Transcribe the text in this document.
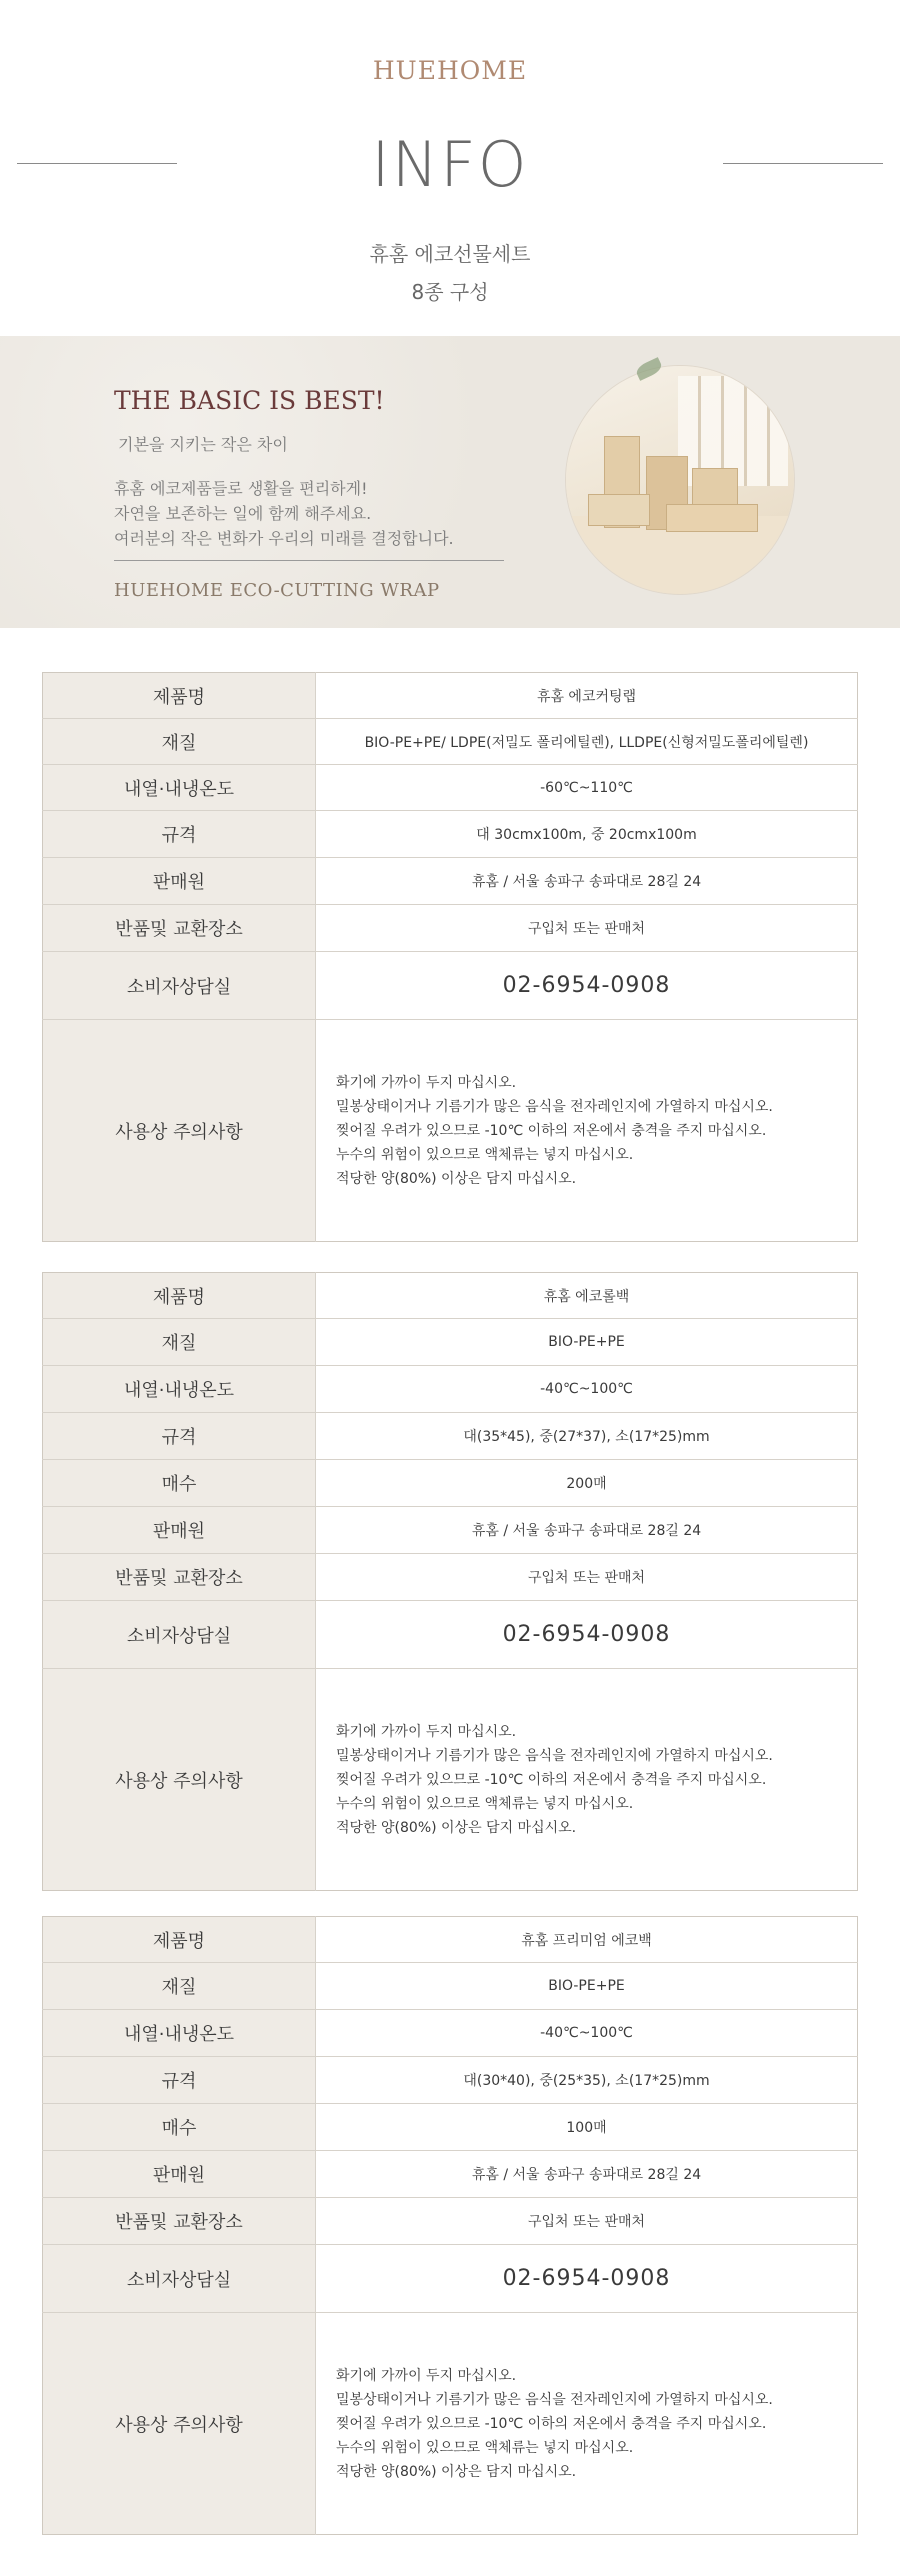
HUEHOME
INFO
휴홈 에코선물세트
8종 구성
THE BASIC IS BEST!
기본을 지키는 작은 차이
휴홈 에코제품들로 생활을 편리하게!
자연을 보존하는 일에 함께 해주세요.
여러분의 작은 변화가 우리의 미래를 결정합니다.
HUEHOME ECO-CUTTING WRAP
제품명	휴홈 에코커팅랩
재질	BIO-PE+PE/ LDPE(저밀도 폴리에틸렌), LLDPE(신형저밀도폴리에틸렌)
내열·내냉온도	-60℃~110℃
규격	대 30cmx100m, 중 20cmx100m
판매원	휴홈 / 서울 송파구 송파대로 28길 24
반품및 교환장소	구입처 또는 판매처
소비자상담실	02-6954-0908
사용상 주의사항	화기에 가까이 두지 마십시오.
밀봉상태이거나 기름기가 많은 음식을 전자레인지에 가열하지 마십시오.
찢어질 우려가 있으므로 -10℃ 이하의 저온에서 충격을 주지 마십시오.
누수의 위험이 있으므로 액체류는 넣지 마십시오.
적당한 양(80%) 이상은 담지 마십시오.
제품명	휴홈 에코롤백
재질	BIO-PE+PE
내열·내냉온도	-40℃~100℃
규격	대(35*45), 중(27*37), 소(17*25)mm
매수	200매
판매원	휴홈 / 서울 송파구 송파대로 28길 24
반품및 교환장소	구입처 또는 판매처
소비자상담실	02-6954-0908
사용상 주의사항	화기에 가까이 두지 마십시오.
밀봉상태이거나 기름기가 많은 음식을 전자레인지에 가열하지 마십시오.
찢어질 우려가 있으므로 -10℃ 이하의 저온에서 충격을 주지 마십시오.
누수의 위험이 있으므로 액체류는 넣지 마십시오.
적당한 양(80%) 이상은 담지 마십시오.
제품명	휴홈 프리미엄 에코백
재질	BIO-PE+PE
내열·내냉온도	-40℃~100℃
규격	대(30*40), 중(25*35), 소(17*25)mm
매수	100매
판매원	휴홈 / 서울 송파구 송파대로 28길 24
반품및 교환장소	구입처 또는 판매처
소비자상담실	02-6954-0908
사용상 주의사항	화기에 가까이 두지 마십시오.
밀봉상태이거나 기름기가 많은 음식을 전자레인지에 가열하지 마십시오.
찢어질 우려가 있으므로 -10℃ 이하의 저온에서 충격을 주지 마십시오.
누수의 위험이 있으므로 액체류는 넣지 마십시오.
적당한 양(80%) 이상은 담지 마십시오.
